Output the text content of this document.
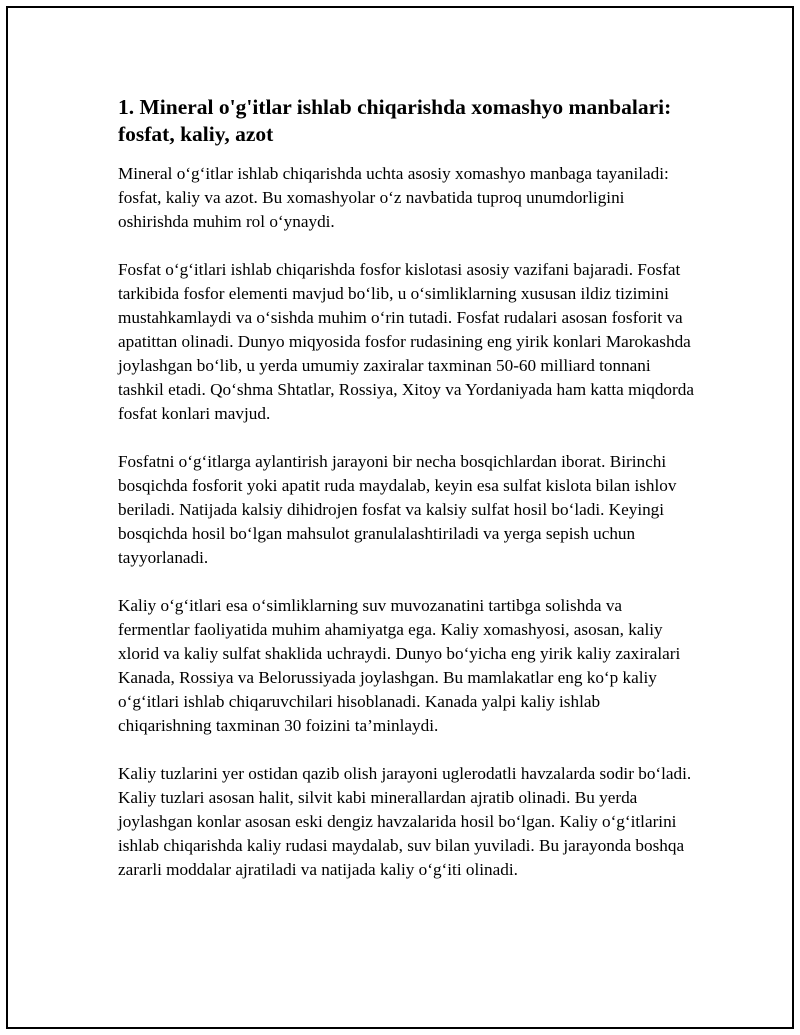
1. Mineral o'g'itlar ishlab chiqarishda xomashyo manbalari: fosfat, kaliy, azot

Mineral o‘g‘itlar ishlab chiqarishda uchta asosiy xomashyo manbaga tayaniladi: fosfat, kaliy va azot. Bu xomashyolar o‘z navbatida tuproq unumdorligini oshirishda muhim rol o‘ynaydi.

Fosfat o‘g‘itlari ishlab chiqarishda fosfor kislotasi asosiy vazifani bajaradi. Fosfat tarkibida fosfor elementi mavjud bo‘lib, u o‘simliklarning xususan ildiz tizimini mustahkamlaydi va o‘sishda muhim o‘rin tutadi. Fosfat rudalari asosan fosforit va apatittan olinadi. Dunyo miqyosida fosfor rudasining eng yirik konlari Marokashda joylashgan bo‘lib, u yerda umumiy zaxiralar taxminan 50-60 milliard tonnani tashkil etadi. Qo‘shma Shtatlar, Rossiya, Xitoy va Yordaniyada ham katta miqdorda fosfat konlari mavjud.

Fosfatni o‘g‘itlarga aylantirish jarayoni bir necha bosqichlardan iborat. Birinchi bosqichda fosforit yoki apatit ruda maydalab, keyin esa sulfat kislota bilan ishlov beriladi. Natijada kalsiy dihidrojen fosfat va kalsiy sulfat hosil bo‘ladi. Keyingi bosqichda hosil bo‘lgan mahsulot granulalashtiriladi va yerga sepish uchun tayyorlanadi.

Kaliy o‘g‘itlari esa o‘simliklarning suv muvozanatini tartibga solishda va fermentlar faoliyatida muhim ahamiyatga ega. Kaliy xomashyosi, asosan, kaliy xlorid va kaliy sulfat shaklida uchraydi. Dunyo bo‘yicha eng yirik kaliy zaxiralari Kanada, Rossiya va Belorussiyada joylashgan. Bu mamlakatlar eng ko‘p kaliy o‘g‘itlari ishlab chiqaruvchilari hisoblanadi. Kanada yalpi kaliy ishlab chiqarishning taxminan 30 foizini ta’minlaydi.

Kaliy tuzlarini yer ostidan qazib olish jarayoni uglerodatli havzalarda sodir bo‘ladi. Kaliy tuzlari asosan halit, silvit kabi minerallardan ajratib olinadi. Bu yerda joylashgan konlar asosan eski dengiz havzalarida hosil bo‘lgan. Kaliy o‘g‘itlarini ishlab chiqarishda kaliy rudasi maydalab, suv bilan yuviladi. Bu jarayonda boshqa zararli moddalar ajratiladi va natijada kaliy o‘g‘iti olinadi.
